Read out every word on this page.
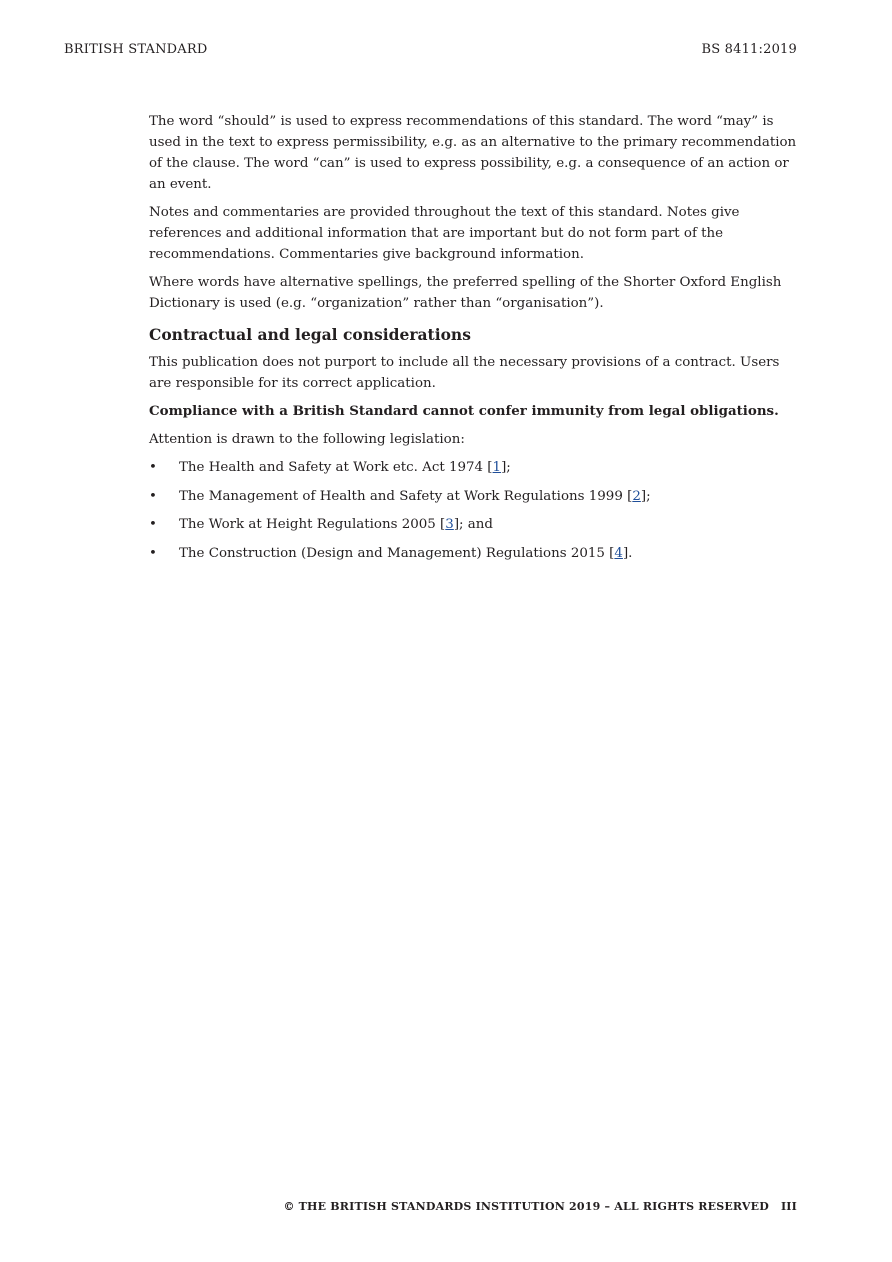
BRITISH STANDARD	BS 8411:2019

The word “should” is used to express recommendations of this standard. The word “may” is used in the text to express permissibility, e.g. as an alternative to the primary recommendation of the clause. The word “can” is used to express possibility, e.g. a consequence of an action or an event.

Notes and commentaries are provided throughout the text of this standard. Notes give references and additional information that are important but do not form part of the recommendations. Commentaries give background information.

Where words have alternative spellings, the preferred spelling of the Shorter Oxford English Dictionary is used (e.g. “organization” rather than “organisation”).

Contractual and legal considerations

This publication does not purport to include all the necessary provisions of a contract. Users are responsible for its correct application.

Compliance with a British Standard cannot confer immunity from legal obligations.

Attention is drawn to the following legislation:

• The Health and Safety at Work etc. Act 1974 [1];
• The Management of Health and Safety at Work Regulations 1999 [2];
• The Work at Height Regulations 2005 [3]; and
• The Construction (Design and Management) Regulations 2015 [4].
© THE BRITISH STANDARDS INSTITUTION 2019 – ALL RIGHTS RESERVED III
